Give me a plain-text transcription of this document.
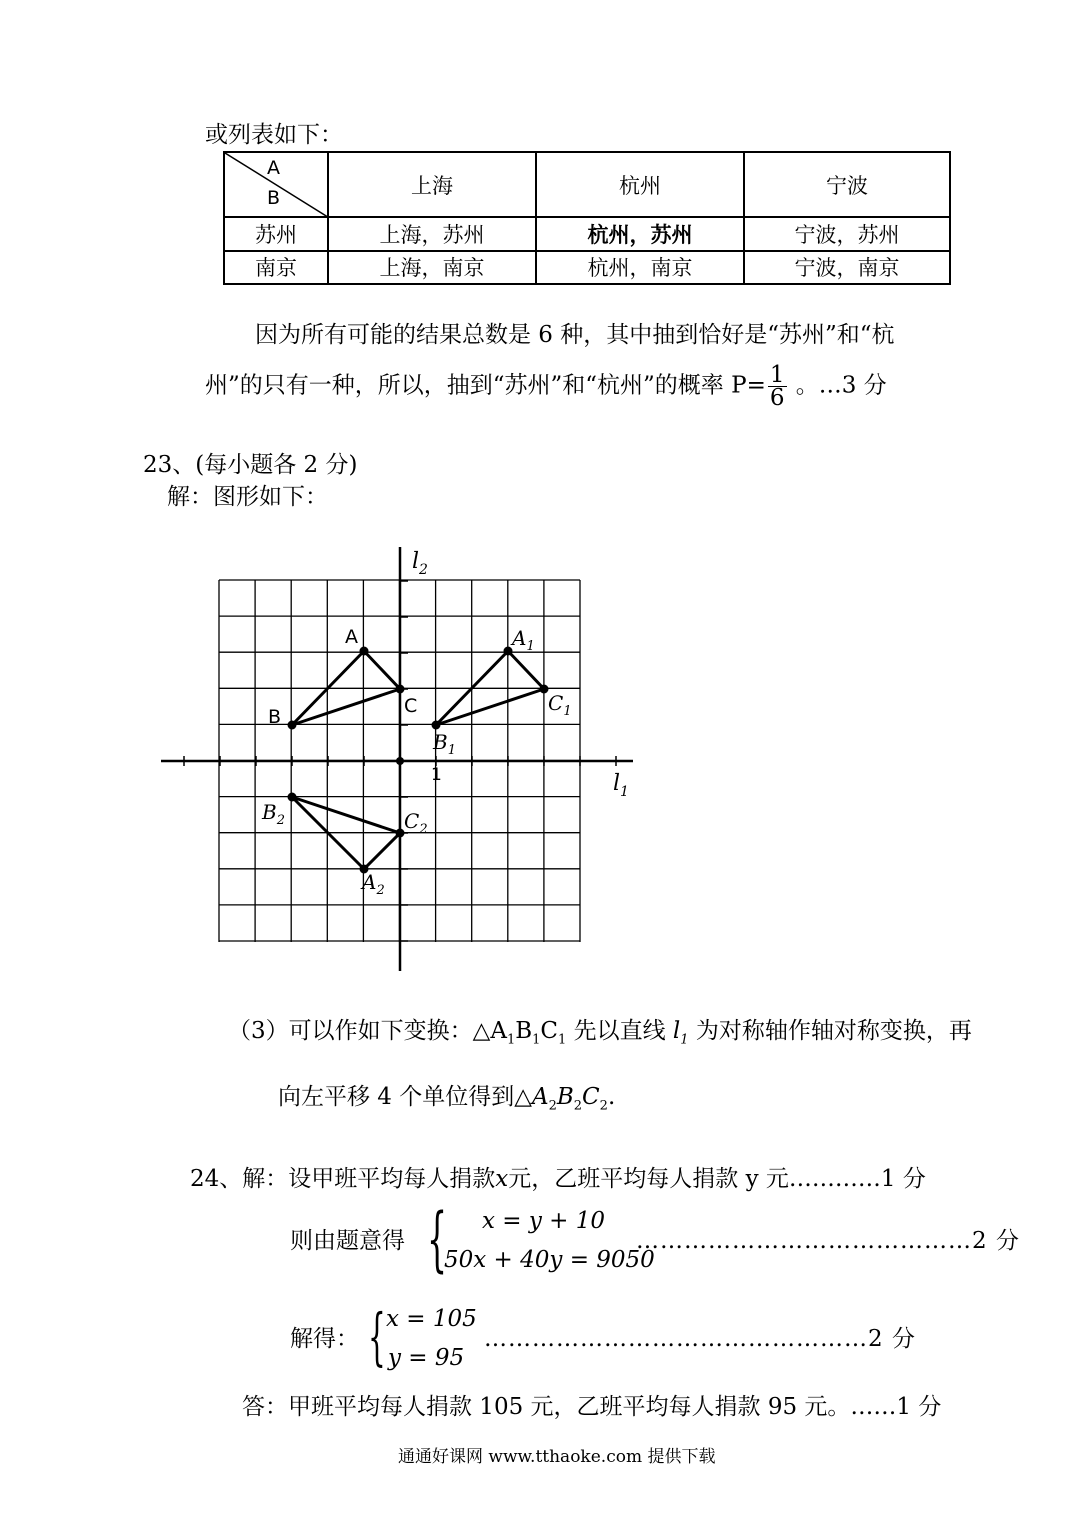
或列表如下：
A
B	上海	杭州	宁波
苏州	上海，苏州	杭州，苏州	宁波，苏州
南京	上海，南京	杭州，南京	宁波，南京
因为所有可能的结果总数是 6 种，其中抽到恰好是“苏州”和“杭
州”的只有一种，所以，抽到“苏州”和“杭州”的概率 $P= \frac{1}{6}$ 。…3 分
23、(每小题各 2 分)
解：图形如下：
$l_2$
$l_1$
1
A
B	C
$A_1$
$B_1$
$C_1$
$A_2$
$B_2$	$C_2$
（3）可以作如下变换：$\triangle A_1B_1C_1$ 先以直线 $l_1$ 为对称轴作轴对称变换，再
向左平移 4 个单位得到$\triangle A_2B_2C_2$.
24、解：设甲班平均每人捐款x元，乙班平均每人捐款 y 元…………1 分
则由题意得 { x = y + 10
50x + 40y = 9050
……………………………………2 分
解得： { x = 105
y = 95
…………………………………………2 分
答：甲班平均每人捐款 105 元，乙班平均每人捐款 95 元。……1 分
通通好课网 www.tthaoke.com 提供下载
